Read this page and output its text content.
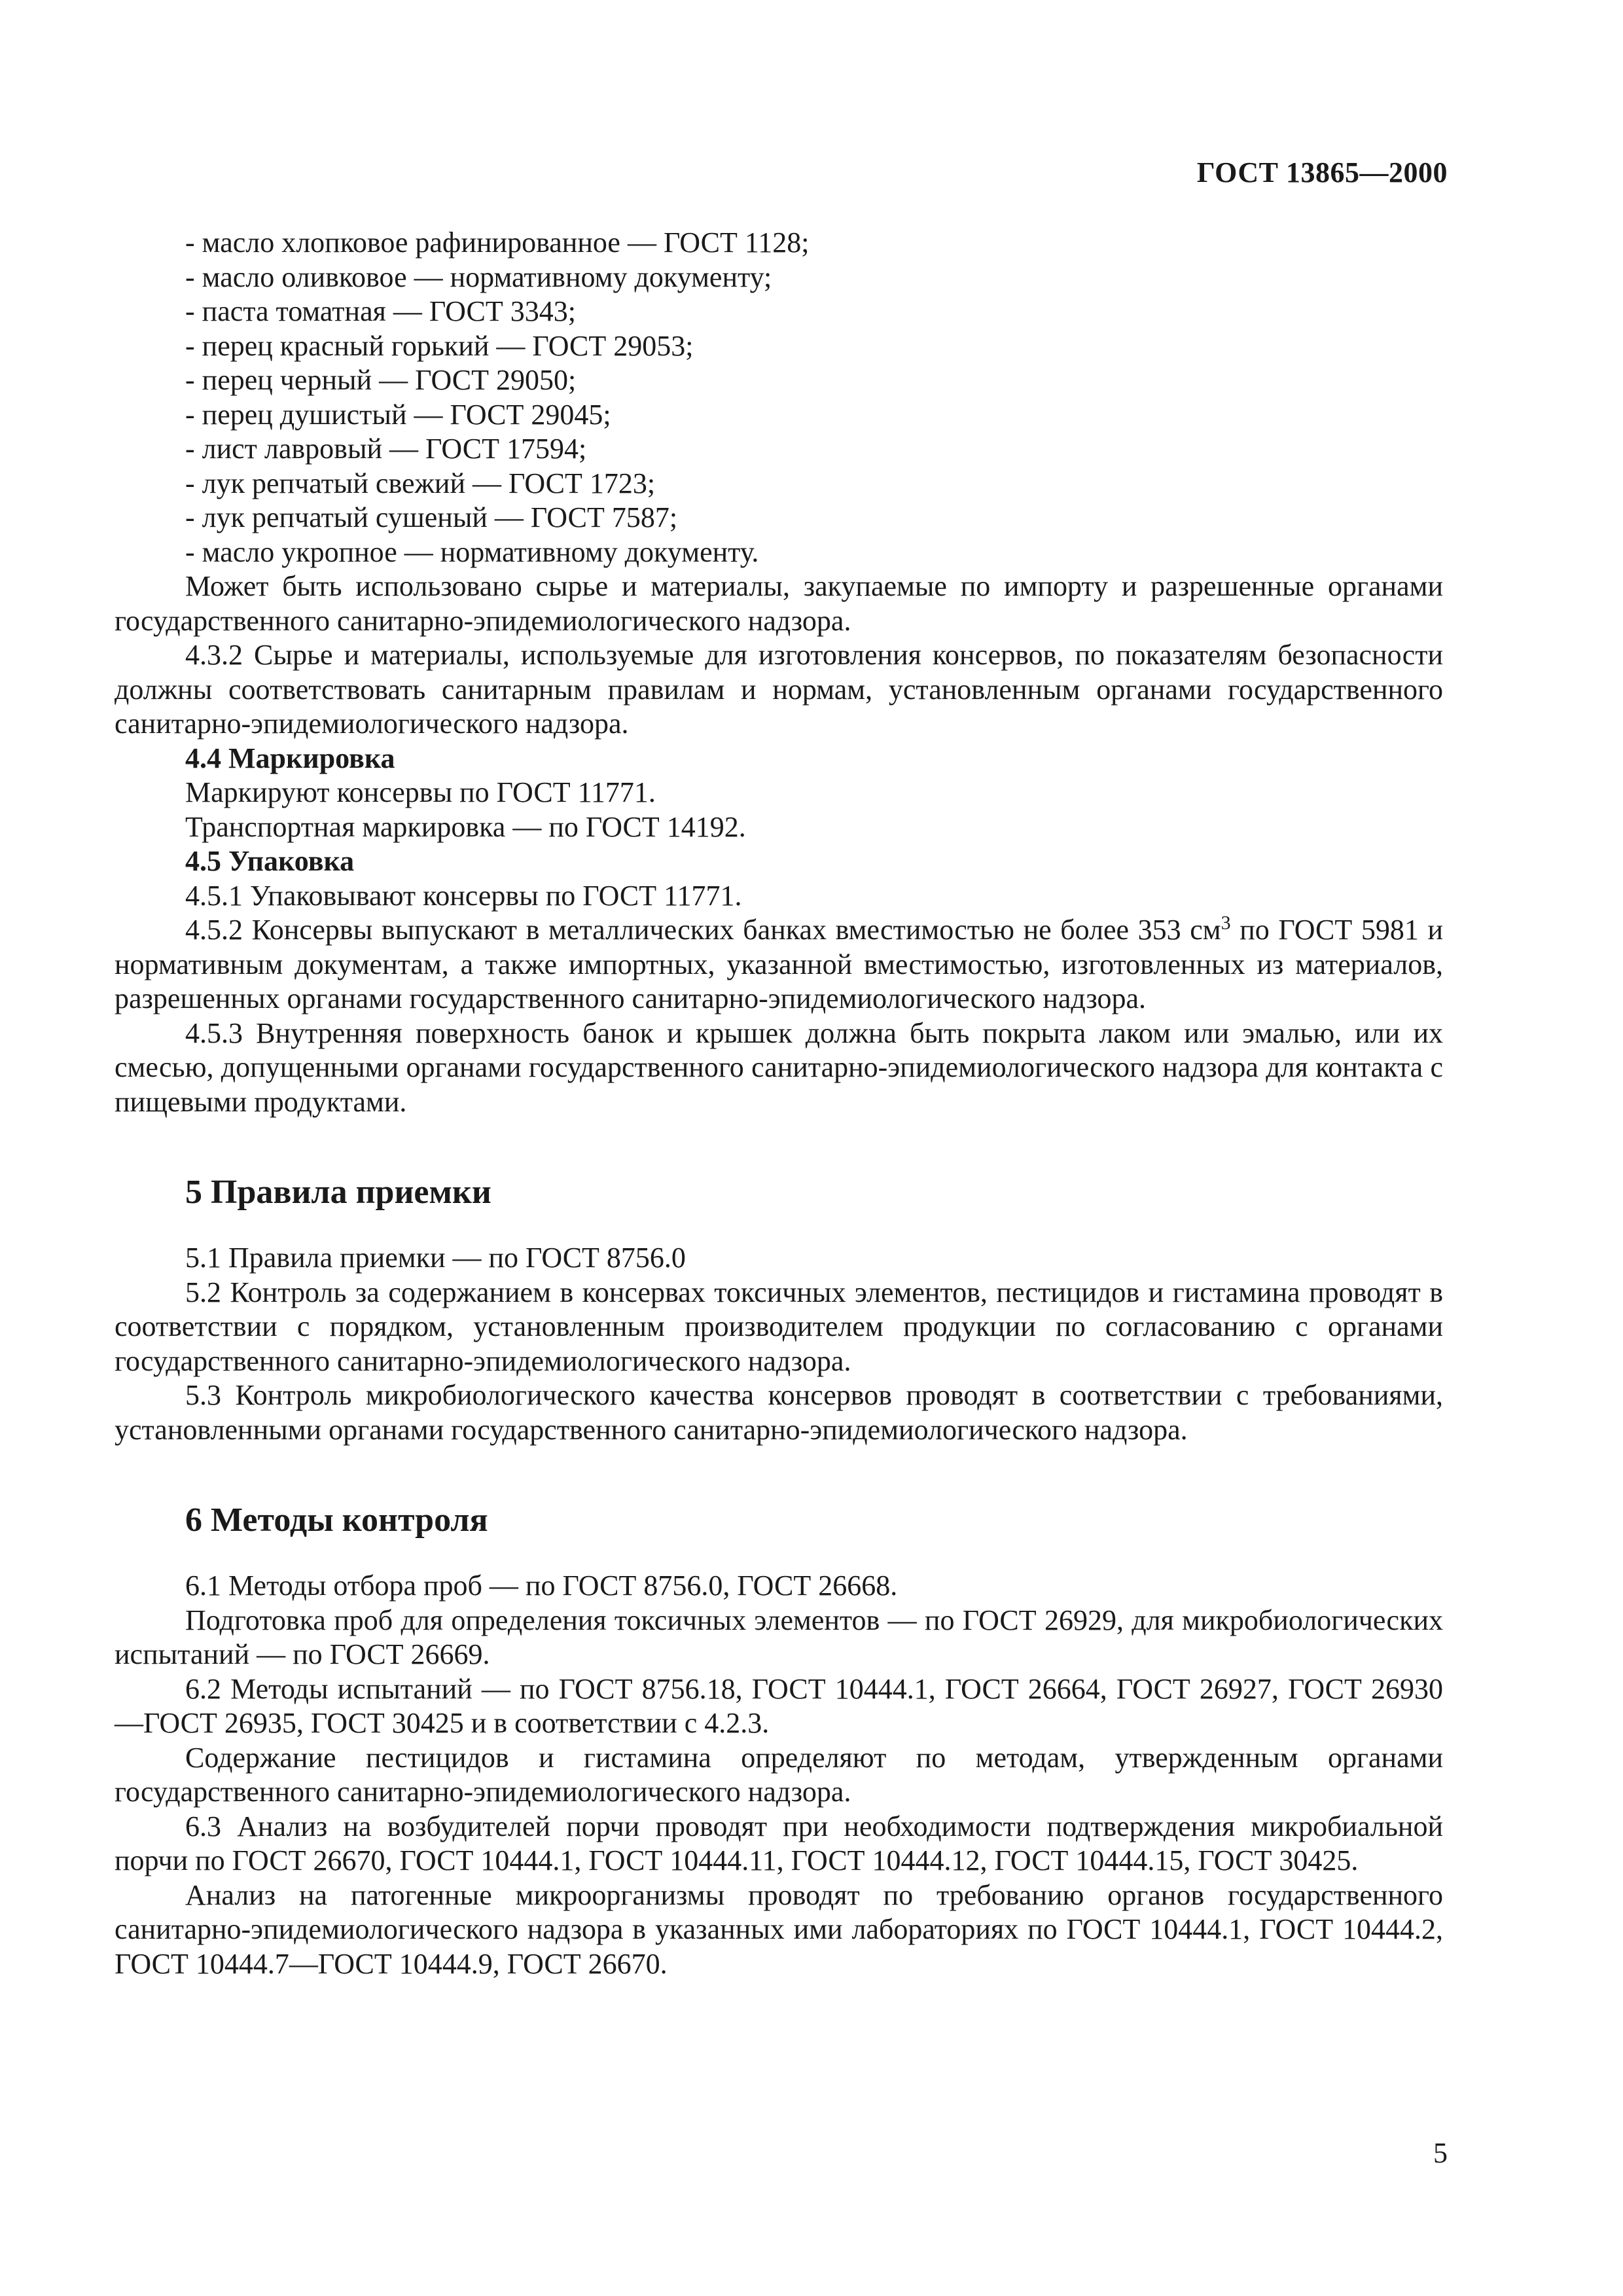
ГОСТ 13865—2000

- масло хлопковое рафинированное — ГОСТ 1128;

- масло оливковое — нормативному документу;

- паста томатная — ГОСТ 3343;

- перец красный горький — ГОСТ 29053;

- перец черный — ГОСТ 29050;

- перец душистый — ГОСТ 29045;

- лист лавровый — ГОСТ 17594;

- лук репчатый свежий — ГОСТ 1723;

- лук репчатый сушеный — ГОСТ 7587;

- масло укропное — нормативному документу.

Может быть использовано сырье и материалы, закупаемые по импорту и разрешенные органами государственного санитарно-эпидемиологического надзора.

4.3.2 Сырье и материалы, используемые для изготовления консервов, по показателям безопасности должны соответствовать санитарным правилам и нормам, установленным органами государственного санитарно-эпидемиологического надзора.

4.4 Маркировка

Маркируют консервы по ГОСТ 11771.

Транспортная маркировка — по ГОСТ 14192.

4.5 Упаковка

4.5.1 Упаковывают консервы по ГОСТ 11771.

4.5.2 Консервы выпускают в металлических банках вместимостью не более 353 $см^3$ по ГОСТ 5981 и нормативным документам, а также импортных, указанной вместимостью, изготовленных из материалов, разрешенных органами государственного санитарно-эпидемиологического надзора.

4.5.3 Внутренняя поверхность банок и крышек должна быть покрыта лаком или эмалью, или их смесью, допущенными органами государственного санитарно-эпидемиологического надзора для контакта с пищевыми продуктами.

5 Правила приемки

5.1 Правила приемки — по ГОСТ 8756.0

5.2 Контроль за содержанием в консервах токсичных элементов, пестицидов и гистамина проводят в соответствии с порядком, установленным производителем продукции по согласованию с органами государственного санитарно-эпидемиологического надзора.

5.3 Контроль микробиологического качества консервов проводят в соответствии с требованиями, установленными органами государственного санитарно-эпидемиологического надзора.

6 Методы контроля

6.1 Методы отбора проб — по ГОСТ 8756.0, ГОСТ 26668.

Подготовка проб для определения токсичных элементов — по ГОСТ 26929, для микробиологических испытаний — по ГОСТ 26669.

6.2 Методы испытаний — по ГОСТ 8756.18, ГОСТ 10444.1, ГОСТ 26664, ГОСТ 26927, ГОСТ 26930—ГОСТ 26935, ГОСТ 30425 и в соответствии с 4.2.3.

Содержание пестицидов и гистамина определяют по методам, утвержденным органами государственного санитарно-эпидемиологического надзора.

6.3 Анализ на возбудителей порчи проводят при необходимости подтверждения микробиальной порчи по ГОСТ 26670, ГОСТ 10444.1, ГОСТ 10444.11, ГОСТ 10444.12, ГОСТ 10444.15, ГОСТ 30425.

Анализ на патогенные микроорганизмы проводят по требованию органов государственного санитарно-эпидемиологического надзора в указанных ими лабораториях по ГОСТ 10444.1, ГОСТ 10444.2, ГОСТ 10444.7—ГОСТ 10444.9, ГОСТ 26670.

5
